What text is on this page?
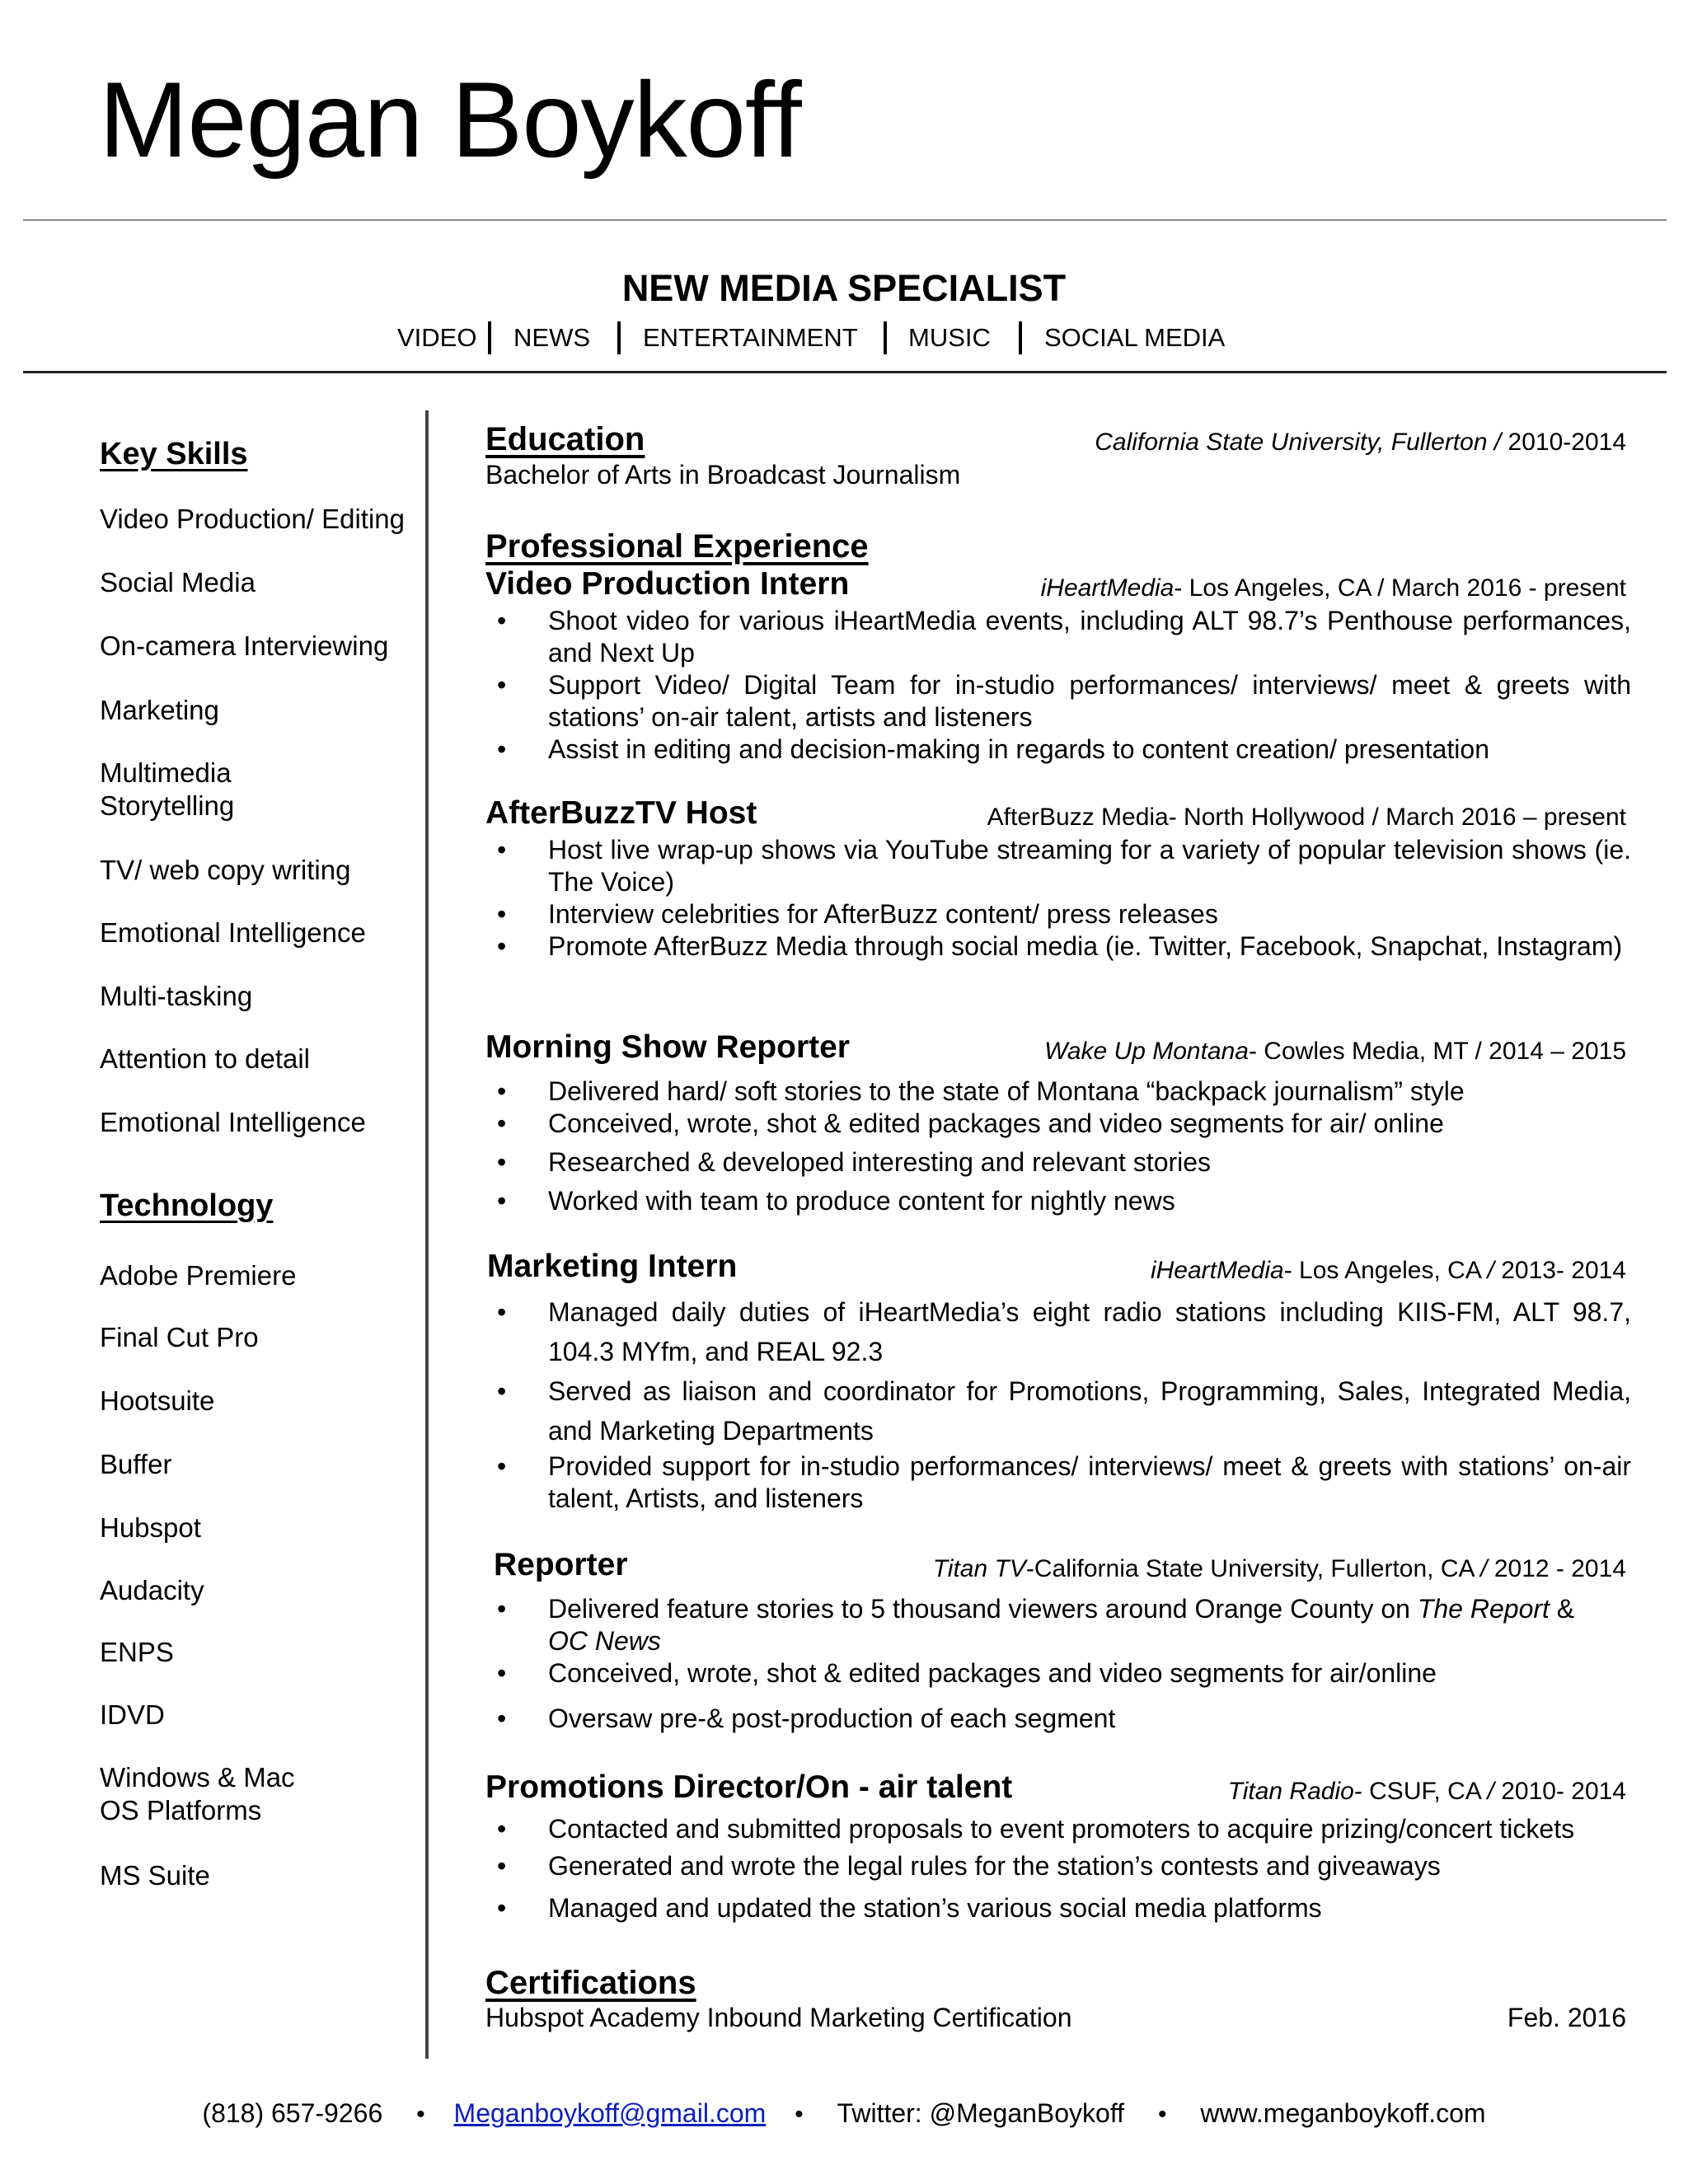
Megan Boykoff
NEW MEDIA SPECIALIST
VIDEO NEWS ENTERTAINMENT MUSIC SOCIAL MEDIA
Key Skills
Video Production/ Editing
Social Media
On-camera Interviewing
Marketing
Multimedia
Storytelling
TV/ web copy writing
Emotional Intelligence
Multi-tasking
Attention to detail
Emotional Intelligence
Technology
Adobe Premiere
Final Cut Pro
Hootsuite
Buffer
Hubspot
Audacity
ENPS
IDVD
Windows & Mac
OS Platforms
MS Suite
Education	California State University, Fullerton / 2010-2014
Bachelor of Arts in Broadcast Journalism
Professional Experience
Video Production Intern	iHeartMedia- Los Angeles, CA / March 2016 - present
• Shoot video for various iHeartMedia events, including ALT 98.7’s Penthouse performances, and Next Up
• Support Video/ Digital Team for in-studio performances/ interviews/ meet & greets with stations’ on-air talent, artists and listeners
• Assist in editing and decision-making in regards to content creation/ presentation
AfterBuzzTV Host	AfterBuzz Media- North Hollywood / March 2016 – present
• Host live wrap-up shows via YouTube streaming for a variety of popular television shows (ie. The Voice)
• Interview celebrities for AfterBuzz content/ press releases
• Promote AfterBuzz Media through social media (ie. Twitter, Facebook, Snapchat, Instagram)
Morning Show Reporter	Wake Up Montana- Cowles Media, MT / 2014 – 2015
• Delivered hard/ soft stories to the state of Montana “backpack journalism” style
• Conceived, wrote, shot & edited packages and video segments for air/ online
• Researched & developed interesting and relevant stories
• Worked with team to produce content for nightly news
Marketing Intern	iHeartMedia- Los Angeles, CA / 2013- 2014
• Managed daily duties of iHeartMedia’s eight radio stations including KIIS-FM, ALT 98.7, 104.3 MYfm, and REAL 92.3
• Served as liaison and coordinator for Promotions, Programming, Sales, Integrated Media, and Marketing Departments
• Provided support for in-studio performances/ interviews/ meet & greets with stations’ on-air talent, Artists, and listeners
Reporter	Titan TV-California State University, Fullerton, CA / 2012 - 2014
• Delivered feature stories to 5 thousand viewers around Orange County on The Report &
OC News
• Conceived, wrote, shot & edited packages and video segments for air/online
• Oversaw pre-& post-production of each segment
Promotions Director/On - air talent	Titan Radio- CSUF, CA / 2010- 2014
• Contacted and submitted proposals to event promoters to acquire prizing/concert tickets
• Generated and wrote the legal rules for the station’s contests and giveaways
• Managed and updated the station’s various social media platforms
Certifications
Hubspot Academy Inbound Marketing Certification	Feb. 2016
(818) 657-9266 • Meganboykoff@gmail.com • Twitter: @MeganBoykoff • www.meganboykoff.com
